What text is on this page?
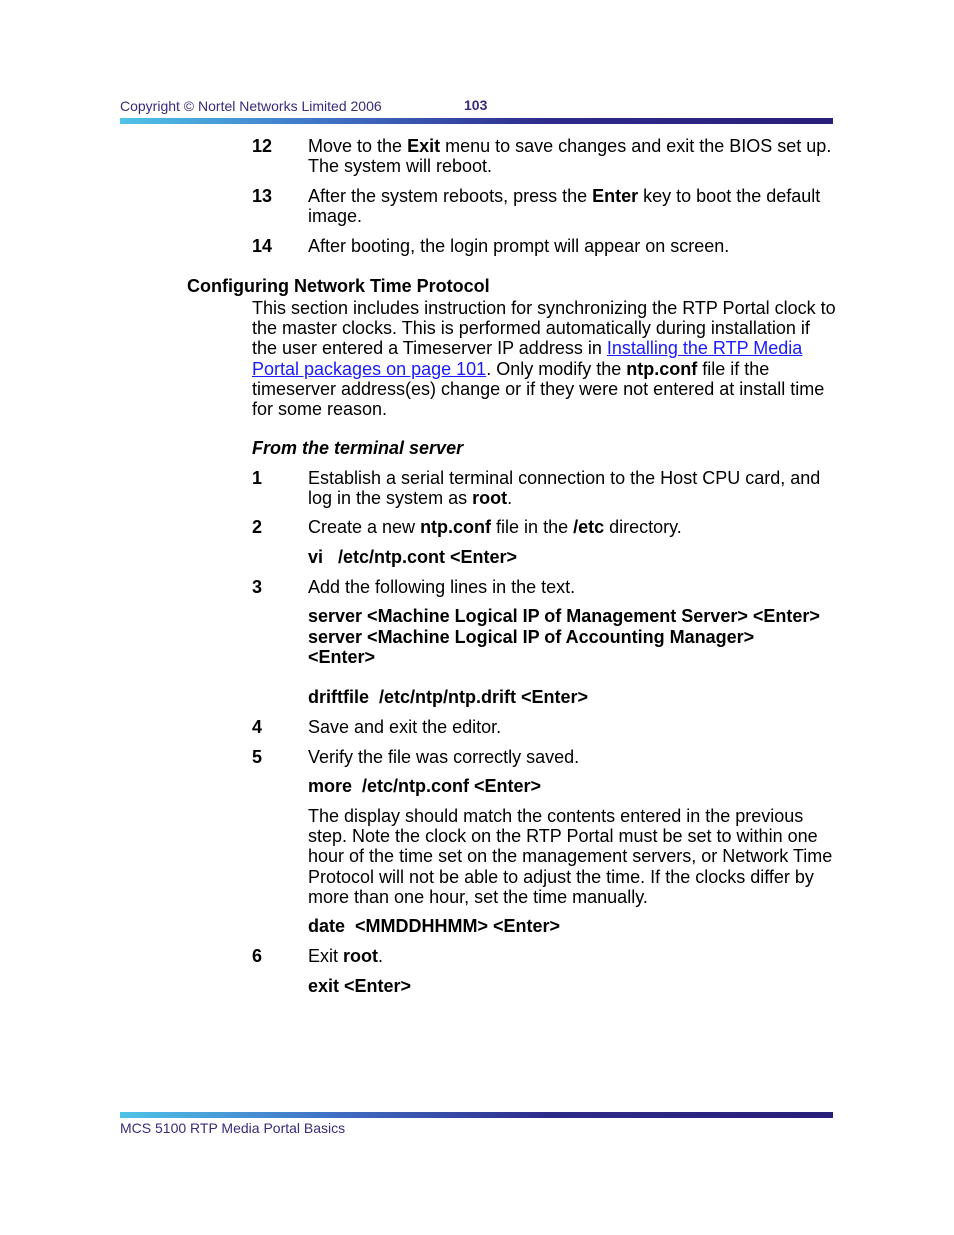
Copyright © Nortel Networks Limited 2006	103
12 Move to the Exit menu to save changes and exit the BIOS set up. The system will reboot.
13 After the system reboots, press the Enter key to boot the default image.
14 After booting, the login prompt will appear on screen.
Configuring Network Time Protocol
This section includes instruction for synchronizing the RTP Portal clock to the master clocks. This is performed automatically during installation if the user entered a Timeserver IP address in Installing the RTP Media Portal packages on page 101. Only modify the ntp.conf file if the timeserver address(es) change or if they were not entered at install time for some reason.
From the terminal server
1	Establish a serial terminal connection to the Host CPU card, and log in the system as root.
2	Create a new ntp.conf file in the /etc directory.
vi   /etc/ntp.cont <Enter>
3	Add the following lines in the text.
server <Machine Logical IP of Management Server> <Enter>
server <Machine Logical IP of Accounting Manager>
<Enter>
driftfile  /etc/ntp/ntp.drift <Enter>
4	Save and exit the editor.
5	Verify the file was correctly saved.
more  /etc/ntp.conf <Enter>
The display should match the contents entered in the previous step. Note the clock on the RTP Portal must be set to within one hour of the time set on the management servers, or Network Time Protocol will not be able to adjust the time. If the clocks differ by more than one hour, set the time manually.
date  <MMDDHHMM> <Enter>
6	Exit root.
exit <Enter>
MCS 5100 RTP Media Portal Basics
